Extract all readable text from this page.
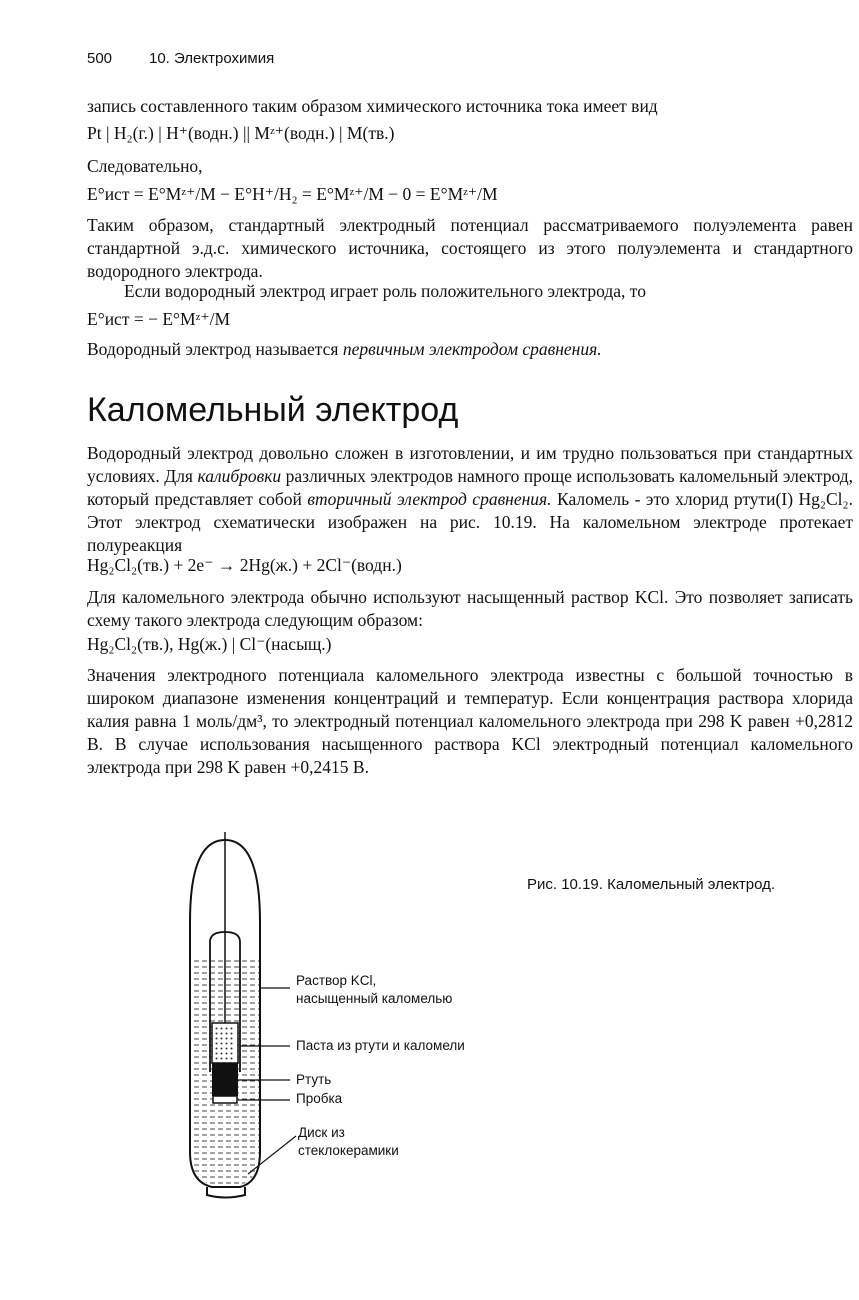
500 10. Электрохимия
запись составленного таким образом химического источника тока имеет вид
Pt | H₂(г.) | H⁺(водн.) || Mᶻ⁺(водн.) | M(тв.)
Следовательно,
E°ист = E°Mᶻ⁺/M − E°H⁺/H₂ = E°Mᶻ⁺/M − 0 = E°Mᶻ⁺/M
Таким образом, стандартный электродный потенциал рассматриваемого полуэлемента равен стандартной э.д.с. химического источника, состоящего из этого полуэлемента и стандартного водородного электрода.
Если водородный электрод играет роль положительного электрода, то
E°ист = − E°Mᶻ⁺/M
Водородный электрод называется первичным электродом сравнения.
Каломельный электрод
Водородный электрод довольно сложен в изготовлении, и им трудно пользоваться при стандартных условиях. Для калибровки различных электродов намного проще использовать каломельный электрод, который представляет собой вторичный электрод сравнения. Каломель - это хлорид ртути(I) Hg₂Cl₂. Этот электрод схематически изображен на рис. 10.19. На каломельном электроде протекает полуреакция
Hg₂Cl₂(тв.) + 2e⁻ → 2Hg(ж.) + 2Cl⁻(водн.)
Для каломельного электрода обычно используют насыщенный раствор KCl. Это позволяет записать схему такого электрода следующим образом:
Hg₂Cl₂(тв.), Hg(ж.) | Cl⁻(насыщ.)
Значения электродного потенциала каломельного электрода известны с большой точностью в широком диапазоне изменения концентраций и температур. Если концентрация раствора хлорида калия равна 1 моль/дм³, то электродный потенциал каломельного электрода при 298 K равен +0,2812 В. В случае использования насыщенного раствора KCl электродный потенциал каломельного электрода при 298 K равен +0,2415 В.
Рис. 10.19. Каломельный электрод.
Раствор KCl,
насыщенный каломелью
Паста из ртути и каломели
Ртуть
Пробка
Диск из
стеклокерамики
